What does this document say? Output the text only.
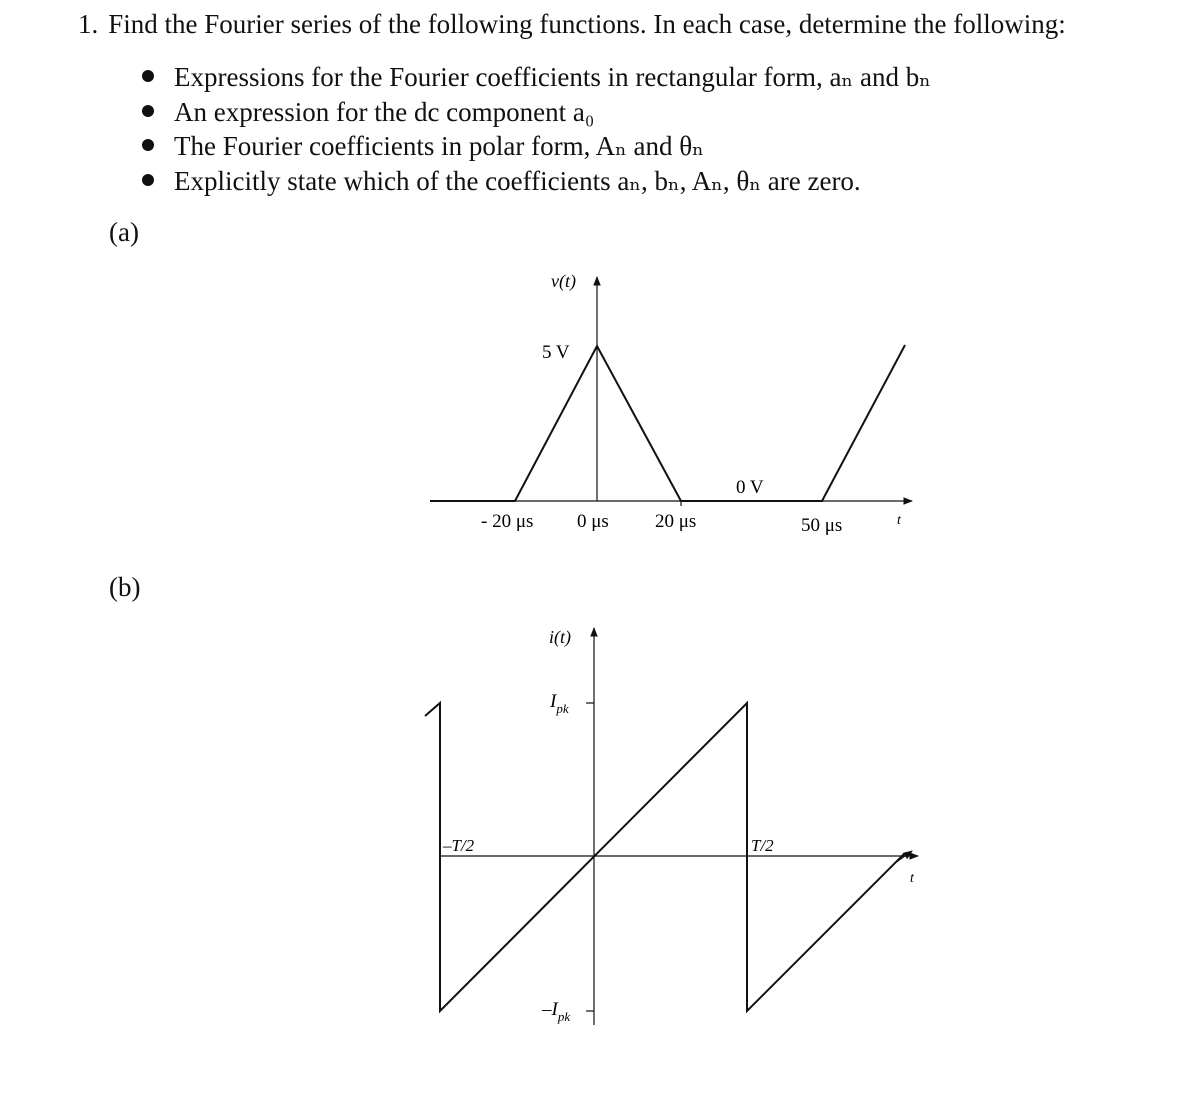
1. Find the Fourier series of the following functions. In each case, determine the following:
Expressions for the Fourier coefficients in rectangular form, aₙ and bₙ
An expression for the dc component a₀
The Fourier coefficients in polar form, Aₙ and θₙ
Explicitly state which of the coefficients aₙ, bₙ, Aₙ, θₙ are zero.
(a)
(b)
v(t)
5 V
0 V
- 20 μs 0 μs 20 μs	50 μs	t
i(t)
$I_{pk}$
$-I_{pk}$
–T/2	T/2
t
